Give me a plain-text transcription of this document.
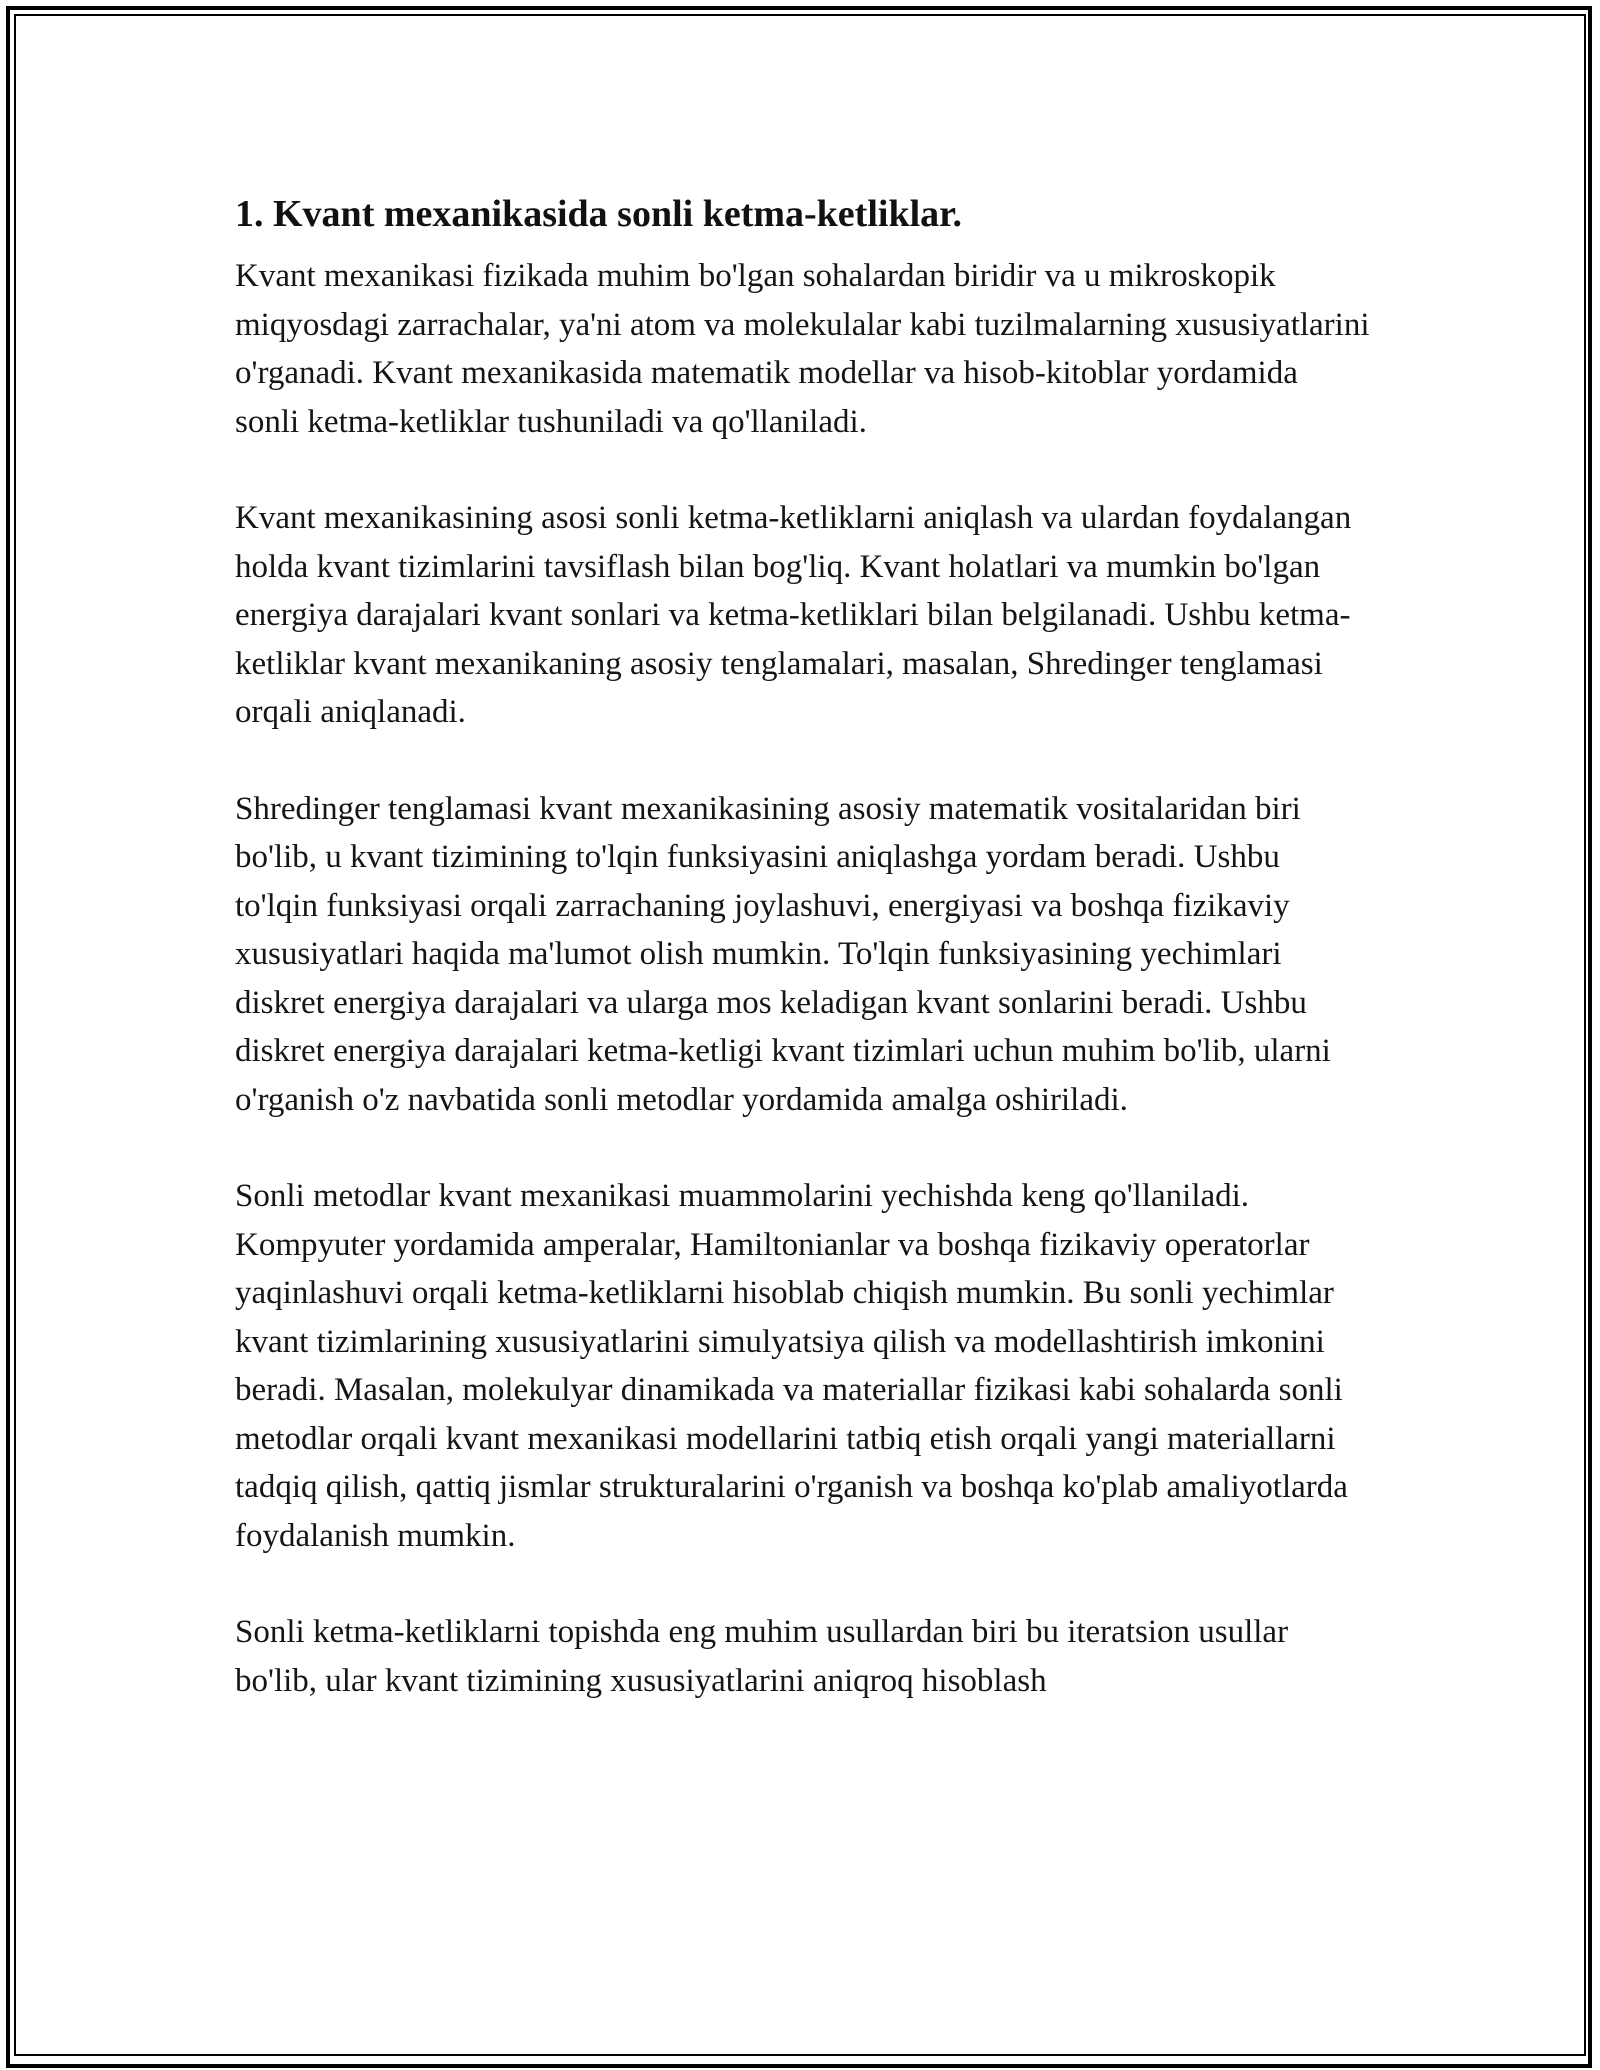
1. Kvant mexanikasida sonli ketma-ketliklar.

Kvant mexanikasi fizikada muhim bo'lgan sohalardan biridir va u mikroskopik miqyosdagi zarrachalar, ya'ni atom va molekulalar kabi tuzilmalarning xususiyatlarini o'rganadi. Kvant mexanikasida matematik modellar va hisob-kitoblar yordamida sonli ketma-ketliklar tushuniladi va qo'llaniladi.

Kvant mexanikasining asosi sonli ketma-ketliklarni aniqlash va ulardan foydalangan holda kvant tizimlarini tavsiflash bilan bog'liq. Kvant holatlari va mumkin bo'lgan energiya darajalari kvant sonlari va ketma-ketliklari bilan belgilanadi. Ushbu ketma-ketliklar kvant mexanikaning asosiy tenglamalari, masalan, Shredinger tenglamasi orqali aniqlanadi.

Shredinger tenglamasi kvant mexanikasining asosiy matematik vositalaridan biri bo'lib, u kvant tizimining to'lqin funksiyasini aniqlashga yordam beradi. Ushbu to'lqin funksiyasi orqali zarrachaning joylashuvi, energiyasi va boshqa fizikaviy xususiyatlari haqida ma'lumot olish mumkin. To'lqin funksiyasining yechimlari diskret energiya darajalari va ularga mos keladigan kvant sonlarini beradi. Ushbu diskret energiya darajalari ketma-ketligi kvant tizimlari uchun muhim bo'lib, ularni o'rganish o'z navbatida sonli metodlar yordamida amalga oshiriladi.

Sonli metodlar kvant mexanikasi muammolarini yechishda keng qo'llaniladi. Kompyuter yordamida amperalar, Hamiltonianlar va boshqa fizikaviy operatorlar yaqinlashuvi orqali ketma-ketliklarni hisoblab chiqish mumkin. Bu sonli yechimlar kvant tizimlarining xususiyatlarini simulyatsiya qilish va modellashtirish imkonini beradi. Masalan, molekulyar dinamikada va materiallar fizikasi kabi sohalarda sonli metodlar orqali kvant mexanikasi modellarini tatbiq etish orqali yangi materiallarni tadqiq qilish, qattiq jismlar strukturalarini o'rganish va boshqa ko'plab amaliyotlarda foydalanish mumkin.

Sonli ketma-ketliklarni topishda eng muhim usullardan biri bu iteratsion usullar bo'lib, ular kvant tizimining xususiyatlarini aniqroq hisoblash
